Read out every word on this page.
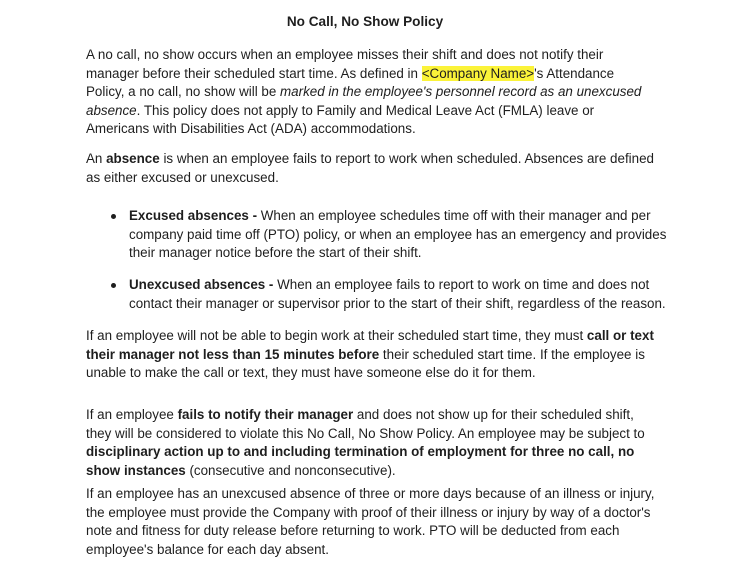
No Call, No Show Policy

A no call, no show occurs when an employee misses their shift and does not notify their manager before their scheduled start time. As defined in <Company Name>'s Attendance Policy, a no call, no show will be marked in the employee's personnel record as an unexcused absence. This policy does not apply to Family and Medical Leave Act (FMLA) leave or Americans with Disabilities Act (ADA) accommodations.

An absence is when an employee fails to report to work when scheduled. Absences are defined as either excused or unexcused.

Excused absences - When an employee schedules time off with their manager and per company paid time off (PTO) policy, or when an employee has an emergency and provides their manager notice before the start of their shift.
Unexcused absences - When an employee fails to report to work on time and does not contact their manager or supervisor prior to the start of their shift, regardless of the reason.

If an employee will not be able to begin work at their scheduled start time, they must call or text their manager not less than 15 minutes before their scheduled start time. If the employee is unable to make the call or text, they must have someone else do it for them.

If an employee fails to notify their manager and does not show up for their scheduled shift, they will be considered to violate this No Call, No Show Policy. An employee may be subject to disciplinary action up to and including termination of employment for three no call, no show instances (consecutive and nonconsecutive).

If an employee has an unexcused absence of three or more days because of an illness or injury, the employee must provide the Company with proof of their illness or injury by way of a doctor's note and fitness for duty release before returning to work. PTO will be deducted from each employee's balance for each day absent.
